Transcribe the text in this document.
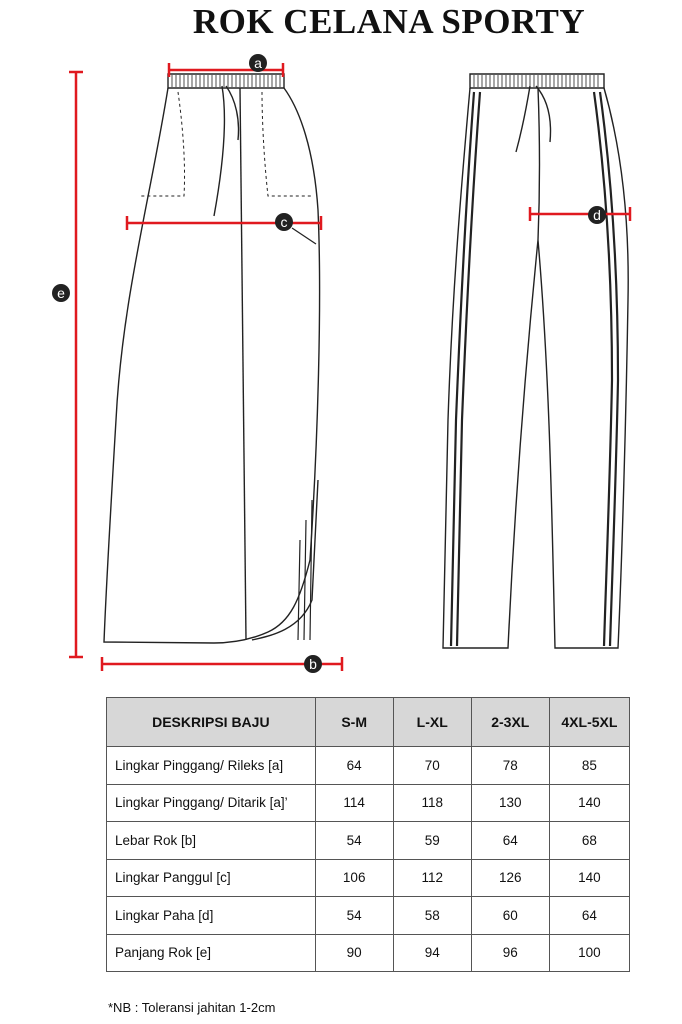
ROK CELANA SPORTY
a
c	d
b
e
DESKRIPSI BAJU	S-M	L-XL	2-3XL	4XL-5XL
Lingkar Pinggang/ Rileks [a]	64	70	78	85
Lingkar Pinggang/ Ditarik [a]’	114	118	130	140
Lebar Rok [b]	54	59	64	68
Lingkar Panggul [c]	106	112	126	140
Lingkar Paha [d]	54	58	60	64
Panjang Rok [e]	90	94	96	100
*NB : Toleransi jahitan 1-2cm
